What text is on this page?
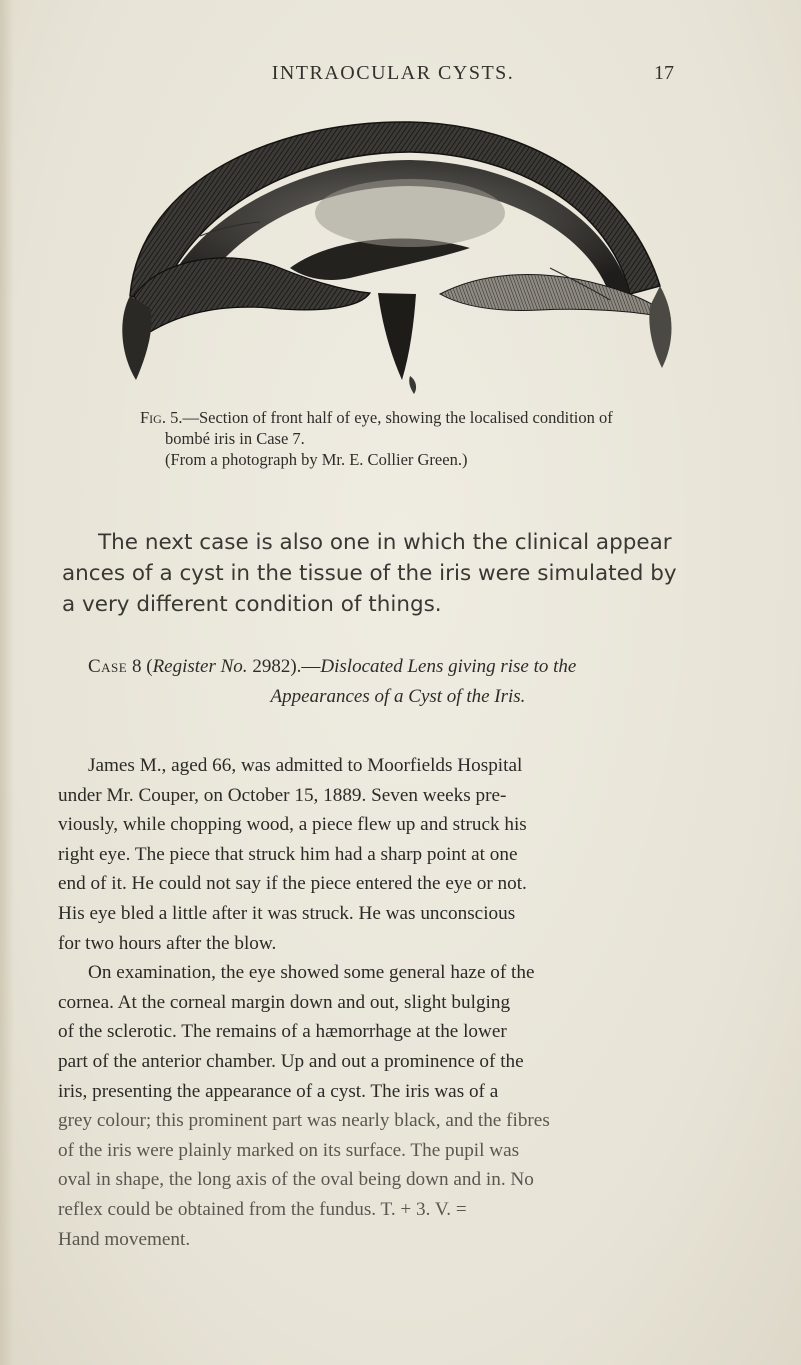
INTRAOCULAR CYSTS.	17
Fig. 5.—Section of front half of eye, showing the localised condition of
bombé iris in Case 7.
(From a photograph by Mr. E. Collier Green.)
The next case is also one in which the clinical appear
ances of a cyst in the tissue of the iris were simulated by
a very different condition of things.
Case 8 (Register No. 2982).—Dislocated Lens giving rise to the
Appearances of a Cyst of the Iris.
James M., aged 66, was admitted to Moorfields Hospital
under Mr. Couper, on October 15, 1889. Seven weeks pre-
viously, while chopping wood, a piece flew up and struck his
right eye. The piece that struck him had a sharp point at one
end of it. He could not say if the piece entered the eye or not.
His eye bled a little after it was struck. He was unconscious
for two hours after the blow.
On examination, the eye showed some general haze of the
cornea. At the corneal margin down and out, slight bulging
of the sclerotic. The remains of a hæmorrhage at the lower
part of the anterior chamber. Up and out a prominence of the
iris, presenting the appearance of a cyst. The iris was of a
grey colour; this prominent part was nearly black, and the fibres
of the iris were plainly marked on its surface. The pupil was
oval in shape, the long axis of the oval being down and in. No
reflex could be obtained from the fundus. T. + 3. V. =
Hand movement.
